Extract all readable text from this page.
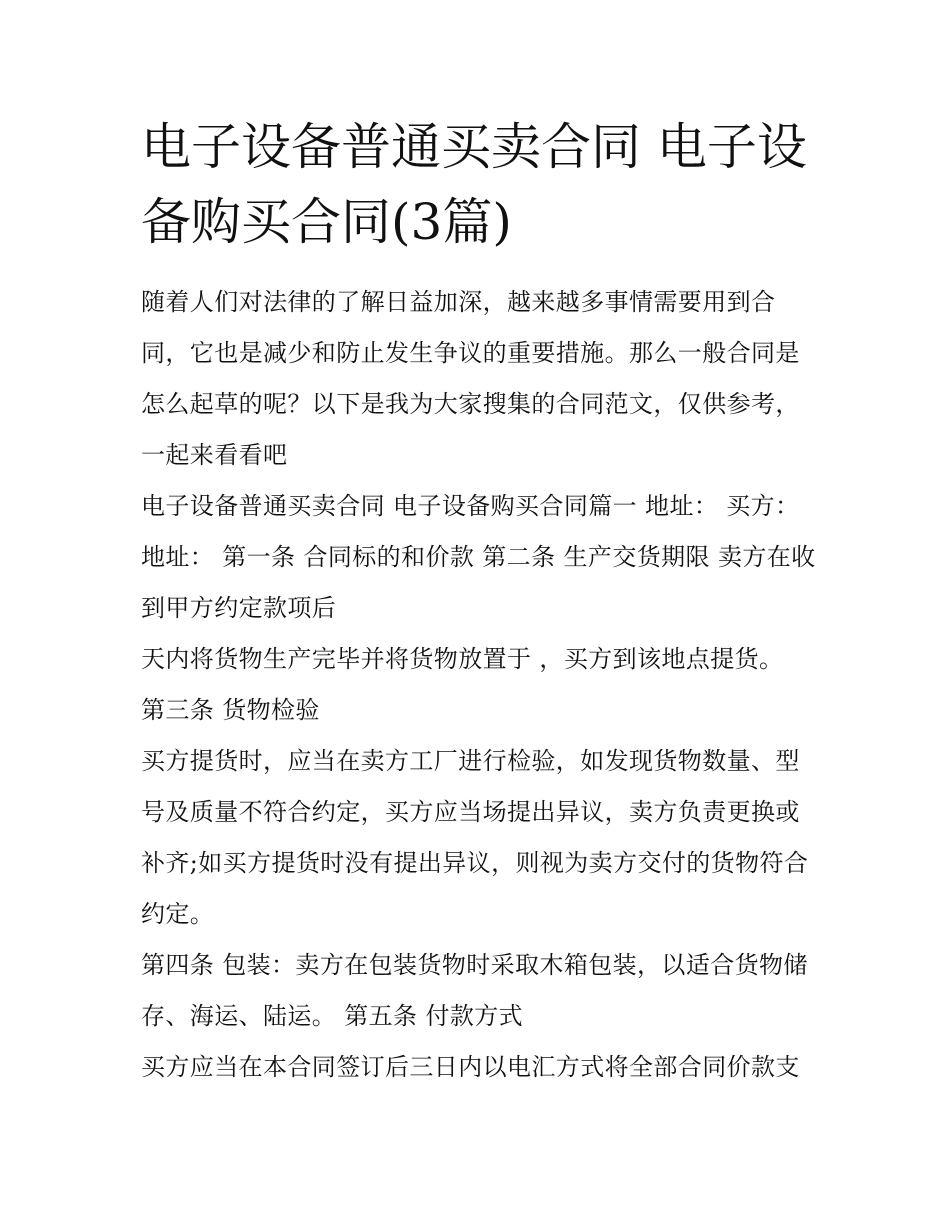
电子设备普通买卖合同 电子设备购买合同(3篇)

随着人们对法律的了解日益加深，越来越多事情需要用到合同，它也是减少和防止发生争议的重要措施。那么一般合同是怎么起草的呢？以下是我为大家搜集的合同范文，仅供参考，一起来看看吧

电子设备普通买卖合同 电子设备购买合同篇一 地址： 买方：地址： 第一条 合同标的和价款 第二条 生产交货期限 卖方在收到甲方约定款项后

天内将货物生产完毕并将货物放置于 ，买方到该地点提货。

第三条 货物检验

买方提货时，应当在卖方工厂进行检验，如发现货物数量、型号及质量不符合约定，买方应当场提出异议，卖方负责更换或补齐;如买方提货时没有提出异议，则视为卖方交付的货物符合约定。

第四条 包装：卖方在包装货物时采取木箱包装，以适合货物储存、海运、陆运。 第五条 付款方式

买方应当在本合同签订后三日内以电汇方式将全部合同价款支
